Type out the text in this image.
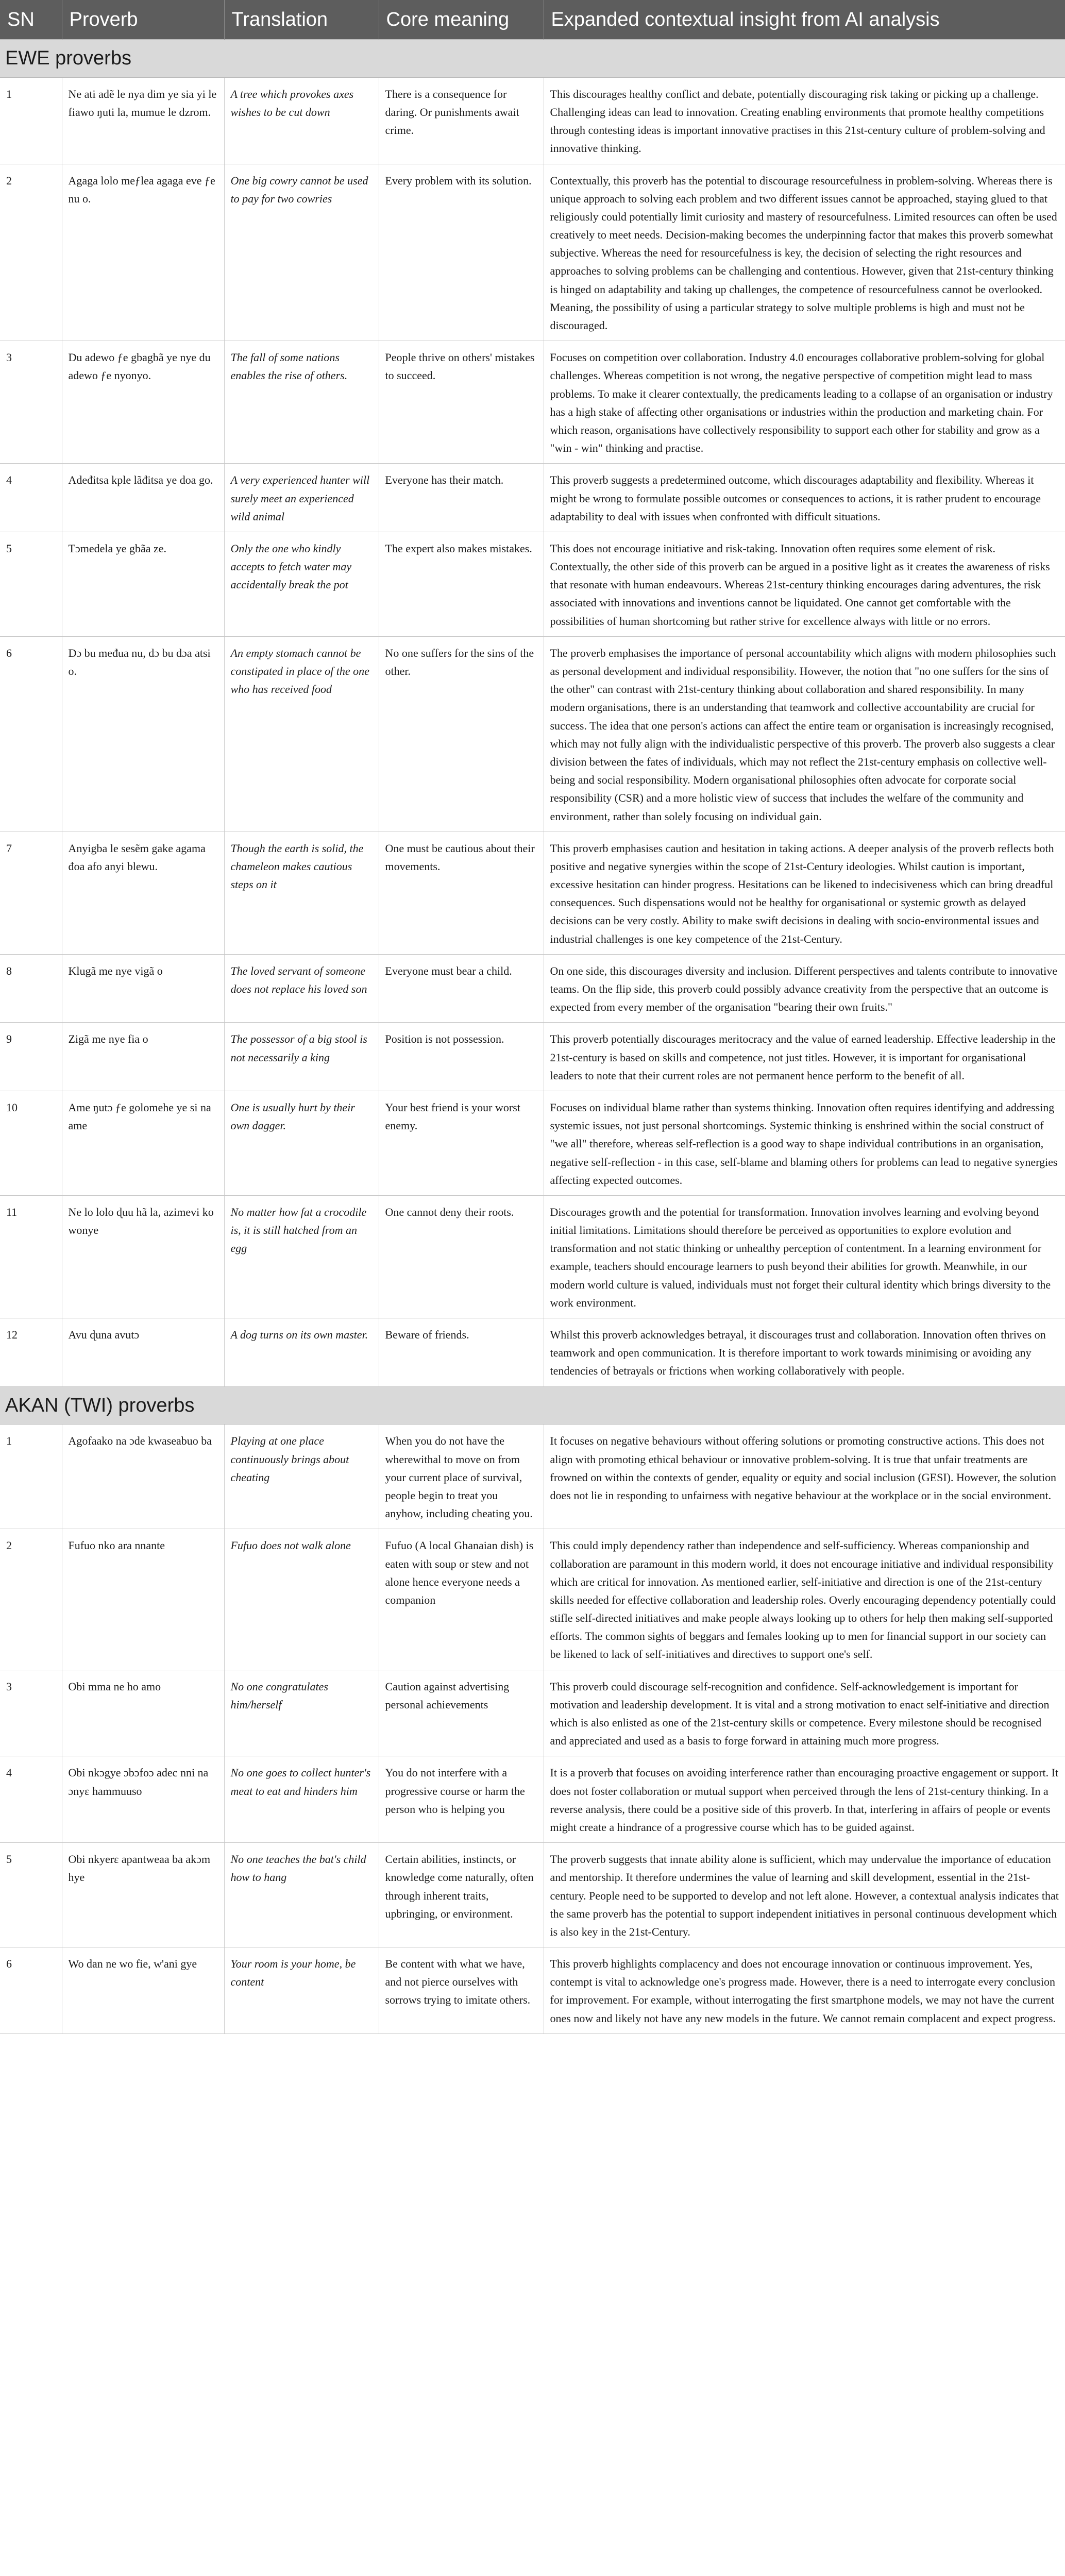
SN	Proverb	Translation	Core meaning	Expanded contextual insight from AI analysis
EWE proverbs				
1	Ne ati adẽ le nya dim ye sia yi le fiawo ŋuti la, mumue le dzrom.	A tree which provokes axes wishes to be cut down	There is a consequence for daring. Or punishments await crime.	This discourages healthy conflict and debate, potentially discouraging risk taking or picking up a challenge. Challenging ideas can lead to innovation. Creating enabling environments that promote healthy competitions through contesting ideas is important innovative practises in this 21st-century culture of problem-solving and innovative thinking.
2	Agaga lolo meƒlea agaga eve ƒe nu o.	One big cowry cannot be used to pay for two cowries	Every problem with its solution.	Contextually, this proverb has the potential to discourage resourcefulness in problem-solving. Whereas there is unique approach to solving each problem and two different issues cannot be approached, staying glued to that religiously could potentially limit curiosity and mastery of resourcefulness. Limited resources can often be used creatively to meet needs. Decision-making becomes the underpinning factor that makes this proverb somewhat subjective. Whereas the need for resourcefulness is key, the decision of selecting the right resources and approaches to solving problems can be challenging and contentious. However, given that 21st-century thinking is hinged on adaptability and taking up challenges, the competence of resourcefulness cannot be overlooked. Meaning, the possibility of using a particular strategy to solve multiple problems is high and must not be discouraged.
3	Du adewo ƒe gbagbã ye nye du adewo ƒe nyonyo.	The fall of some nations enables the rise of others.	People thrive on others' mistakes to succeed.	Focuses on competition over collaboration. Industry 4.0 encourages collaborative problem-solving for global challenges. Whereas competition is not wrong, the negative perspective of competition might lead to mass problems. To make it clearer contextually, the predicaments leading to a collapse of an organisation or industry has a high stake of affecting other organisations or industries within the production and marketing chain. For which reason, organisations have collectively responsibility to support each other for stability and grow as a "win - win" thinking and practise.
4	Adeđitsa kple lãđitsa ye doa go.	A very experienced hunter will surely meet an experienced wild animal	Everyone has their match.	This proverb suggests a predetermined outcome, which discourages adaptability and flexibility. Whereas it might be wrong to formulate possible outcomes or consequences to actions, it is rather prudent to encourage adaptability to deal with issues when confronted with difficult situations.
5	Tɔmedela ye gbãa ze.	Only the one who kindly accepts to fetch water may accidentally break the pot	The expert also makes mistakes.	This does not encourage initiative and risk-taking. Innovation often requires some element of risk. Contextually, the other side of this proverb can be argued in a positive light as it creates the awareness of risks that resonate with human endeavours. Whereas 21st-century thinking encourages daring adventures, the risk associated with innovations and inventions cannot be liquidated. One cannot get comfortable with the possibilities of human shortcoming but rather strive for excellence always with little or no errors.
6	Dɔ bu međua nu, dɔ bu dɔa atsi o.	An empty stomach cannot be constipated in place of the one who has received food	No one suffers for the sins of the other.	The proverb emphasises the importance of personal accountability which aligns with modern philosophies such as personal development and individual responsibility. However, the notion that "no one suffers for the sins of the other" can contrast with 21st-century thinking about collaboration and shared responsibility. In many modern organisations, there is an understanding that teamwork and collective accountability are crucial for success. The idea that one person's actions can affect the entire team or organisation is increasingly recognised, which may not fully align with the individualistic perspective of this proverb. The proverb also suggests a clear division between the fates of individuals, which may not reflect the 21st-century emphasis on collective well-being and social responsibility. Modern organisational philosophies often advocate for corporate social responsibility (CSR) and a more holistic view of success that includes the welfare of the community and environment, rather than solely focusing on individual gain.
7	Anyigba le sesẽm gake agama đoa afo anyi blewu.	Though the earth is solid, the chameleon makes cautious steps on it	One must be cautious about their movements.	This proverb emphasises caution and hesitation in taking actions. A deeper analysis of the proverb reflects both positive and negative synergies within the scope of 21st-Century ideologies. Whilst caution is important, excessive hesitation can hinder progress. Hesitations can be likened to indecisiveness which can bring dreadful consequences. Such dispensations would not be healthy for organisational or systemic growth as delayed decisions can be very costly. Ability to make swift decisions in dealing with socio-environmental issues and industrial challenges is one key competence of the 21st-Century.
8	Klugã me nye vigã o	The loved servant of someone does not replace his loved son	Everyone must bear a child.	On one side, this discourages diversity and inclusion. Different perspectives and talents contribute to innovative teams. On the flip side, this proverb could possibly advance creativity from the perspective that an outcome is expected from every member of the organisation "bearing their own fruits."
9	Zigã me nye fia o	The possessor of a big stool is not necessarily a king	Position is not possession.	This proverb potentially discourages meritocracy and the value of earned leadership. Effective leadership in the 21st-century is based on skills and competence, not just titles. However, it is important for organisational leaders to note that their current roles are not permanent hence perform to the benefit of all.
10	Ame ŋutɔ ƒe golomehe ye si na ame	One is usually hurt by their own dagger.	Your best friend is your worst enemy.	Focuses on individual blame rather than systems thinking. Innovation often requires identifying and addressing systemic issues, not just personal shortcomings. Systemic thinking is enshrined within the social construct of "we all" therefore, whereas self-reflection is a good way to shape individual contributions in an organisation, negative self-reflection - in this case, self-blame and blaming others for problems can lead to negative synergies affecting expected outcomes.
11	Ne lo lolo ɖuu hã la, azimevi ko wonye	No matter how fat a crocodile is, it is still hatched from an egg	One cannot deny their roots.	Discourages growth and the potential for transformation. Innovation involves learning and evolving beyond initial limitations. Limitations should therefore be perceived as opportunities to explore evolution and transformation and not static thinking or unhealthy perception of contentment. In a learning environment for example, teachers should encourage learners to push beyond their abilities for growth. Meanwhile, in our modern world culture is valued, individuals must not forget their cultural identity which brings diversity to the work environment.
12	Avu ɖuna avutɔ	A dog turns on its own master.	Beware of friends.	Whilst this proverb acknowledges betrayal, it discourages trust and collaboration. Innovation often thrives on teamwork and open communication. It is therefore important to work towards minimising or avoiding any tendencies of betrayals or frictions when working collaboratively with people.
AKAN (TWI) proverbs				
1	Agofaako na ɔde kwaseabuo ba	Playing at one place continuously brings about cheating	When you do not have the wherewithal to move on from your current place of survival, people begin to treat you anyhow, including cheating you.	It focuses on negative behaviours without offering solutions or promoting constructive actions. This does not align with promoting ethical behaviour or innovative problem-solving. It is true that unfair treatments are frowned on within the contexts of gender, equality or equity and social inclusion (GESI). However, the solution does not lie in responding to unfairness with negative behaviour at the workplace or in the social environment.
2	Fufuo nko ara nnante	Fufuo does not walk alone	Fufuo (A local Ghanaian dish) is eaten with soup or stew and not alone hence everyone needs a companion	This could imply dependency rather than independence and self-sufficiency. Whereas companionship and collaboration are paramount in this modern world, it does not encourage initiative and individual responsibility which are critical for innovation. As mentioned earlier, self-initiative and direction is one of the 21st-century skills needed for effective collaboration and leadership roles. Overly encouraging dependency potentially could stifle self-directed initiatives and make people always looking up to others for help then making self-supported efforts. The common sights of beggars and females looking up to men for financial support in our society can be likened to lack of self-initiatives and directives to support one's self.
3	Obi mma ne ho amo	No one congratulates him/herself	Caution against advertising personal achievements	This proverb could discourage self-recognition and confidence. Self-acknowledgement is important for motivation and leadership development. It is vital and a strong motivation to enact self-initiative and direction which is also enlisted as one of the 21st-century skills or competence. Every milestone should be recognised and appreciated and used as a basis to forge forward in attaining much more progress.
4	Obi nkɔgye ɔbɔfoɔ adec nni na ɔnyɛ hammuuso	No one goes to collect hunter's meat to eat and hinders him	You do not interfere with a progressive course or harm the person who is helping you	It is a proverb that focuses on avoiding interference rather than encouraging proactive engagement or support. It does not foster collaboration or mutual support when perceived through the lens of 21st-century thinking. In a reverse analysis, there could be a positive side of this proverb. In that, interfering in affairs of people or events might create a hindrance of a progressive course which has to be guided against.
5	Obi nkyerɛ apantweaa ba akɔm hye	No one teaches the bat's child how to hang	Certain abilities, instincts, or knowledge come naturally, often through inherent traits, upbringing, or environment.	The proverb suggests that innate ability alone is sufficient, which may undervalue the importance of education and mentorship. It therefore undermines the value of learning and skill development, essential in the 21st-century. People need to be supported to develop and not left alone. However, a contextual analysis indicates that the same proverb has the potential to support independent initiatives in personal continuous development which is also key in the 21st-Century.
6	Wo dan ne wo fie, w'ani gye	Your room is your home, be content	Be content with what we have, and not pierce ourselves with sorrows trying to imitate others.	This proverb highlights complacency and does not encourage innovation or continuous improvement. Yes, contempt is vital to acknowledge one's progress made. However, there is a need to interrogate every conclusion for improvement. For example, without interrogating the first smartphone models, we may not have the current ones now and likely not have any new models in the future. We cannot remain complacent and expect progress.
